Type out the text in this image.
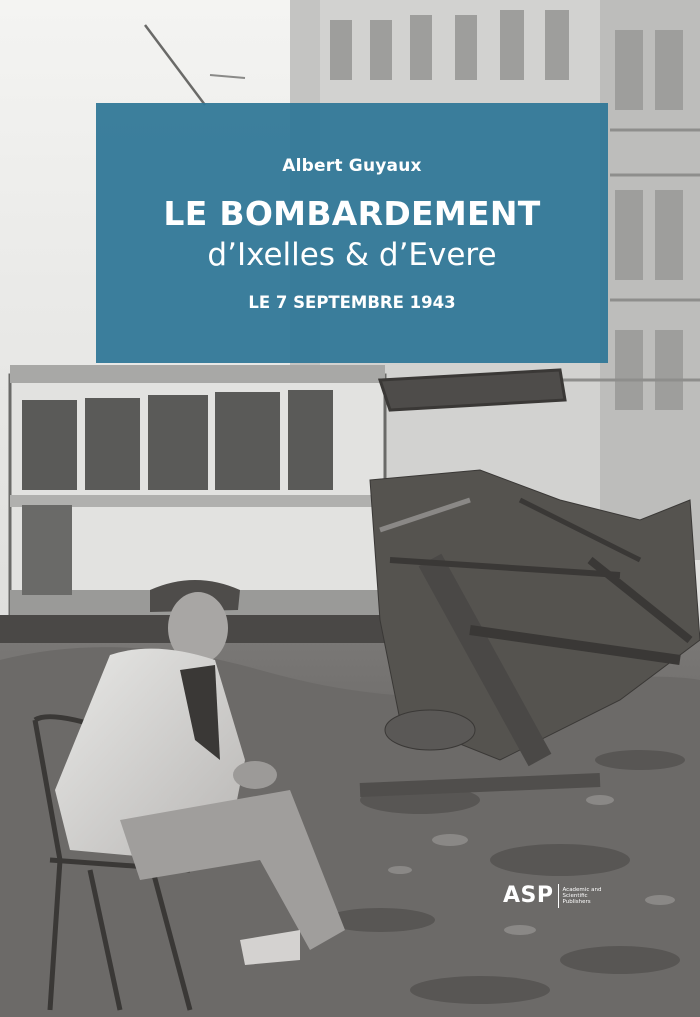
Albert Guyaux
LE BOMBARDEMENT
d’Ixelles & d’Evere
LE 7 SEPTEMBRE 1943
ASP	Academic and Scientific Publishers
